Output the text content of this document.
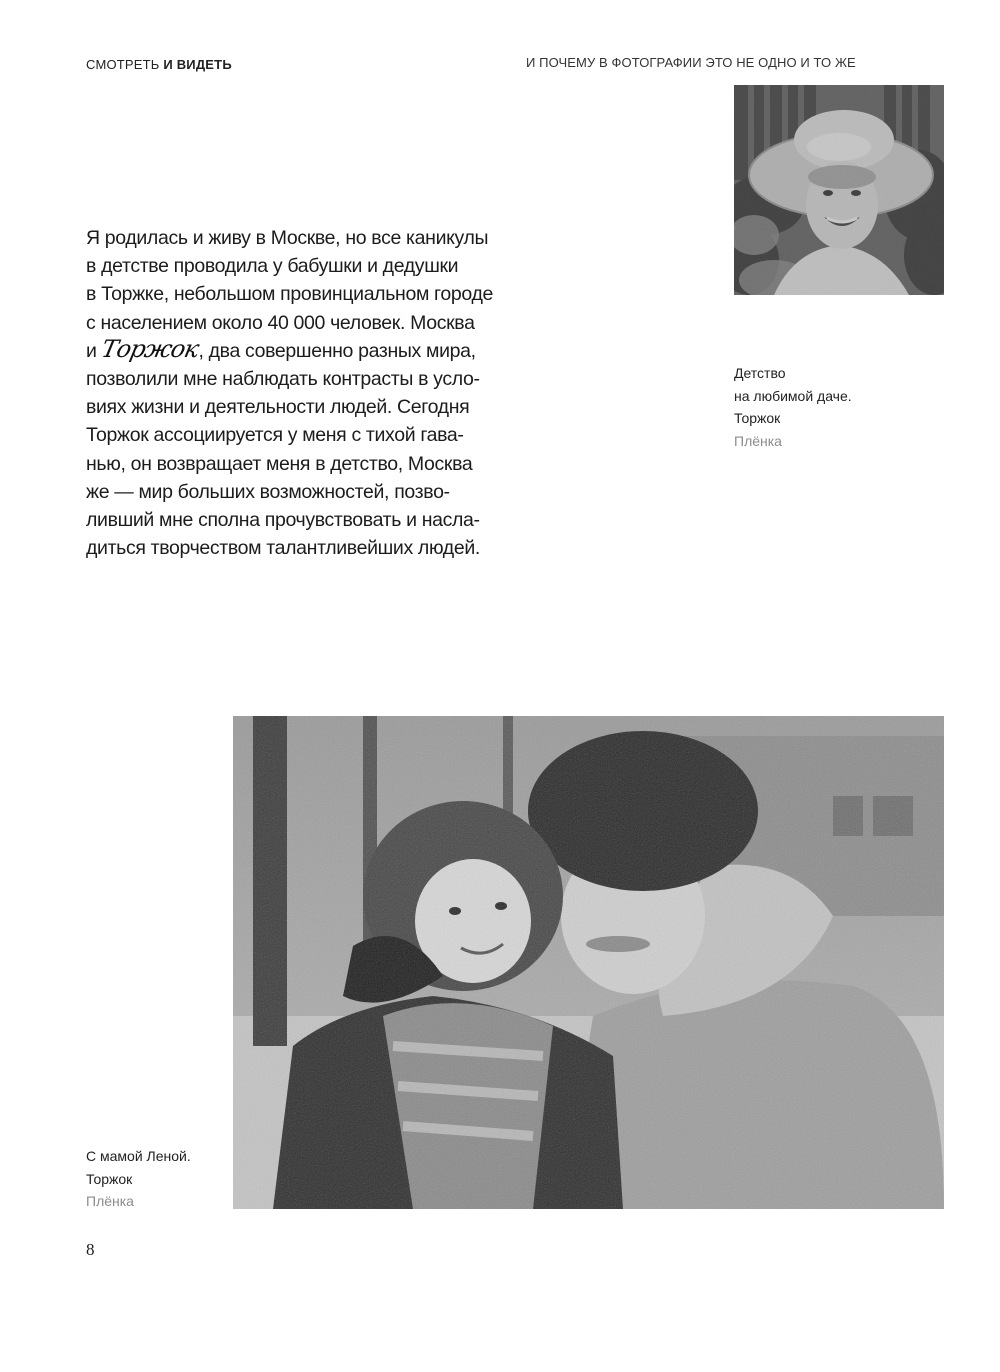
СМОТРЕТЬ И ВИДЕТЬ	И ПОЧЕМУ В ФОТОГРАФИИ ЭТО НЕ ОДНО И ТО ЖЕ
Я родилась и живу в Москве, но все каникулы
в детстве проводила у бабушки и дедушки
в Торжке, небольшом провинциальном городе
с населением около 40 000 человек. Москва
и Торжок, два совершенно разных мира,
позволили мне наблюдать контрасты в усло-
виях жизни и деятельности людей. Сегодня
Торжок ассоциируется у меня с тихой гава-
нью, он возвращает меня в детство, Москва
же — мир больших возможностей, позво-
ливший мне сполна прочувствовать и наcла-
диться творчеством талантливейших людей.
Детство
на любимой даче.
Торжок
Плёнка
С мамой Леной.
Торжок
Плёнка
8
